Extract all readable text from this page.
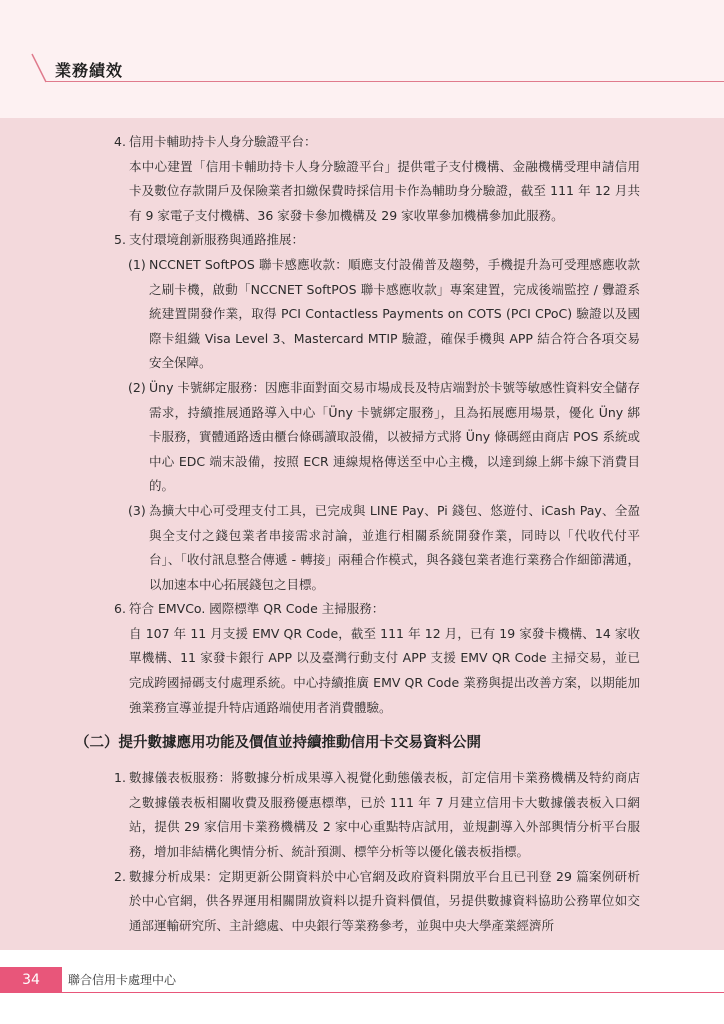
業務績效
4. 信用卡輔助持卡人身分驗證平台：
本中心建置「信用卡輔助持卡人身分驗證平台」提供電子支付機構、金融機構受理申請信用卡及數位存款開戶及保險業者扣繳保費時採信用卡作為輔助身分驗證，截至 111 年 12 月共有 9 家電子支付機構、36 家發卡參加機構及 29 家收單參加機構參加此服務。
5. 支付環境創新服務與通路推展：
(1) NCCNET SoftPOS 聯卡感應收款：順應支付設備普及趨勢，手機提升為可受理感應收款之刷卡機，啟動「NCCNET SoftPOS 聯卡感應收款」專案建置，完成後端監控 / 釁證系統建置開發作業，取得 PCI Contactless Payments on COTS (PCI CPoC) 驗證以及國際卡組織 Visa Level 3、Mastercard MTIP 驗證，確保手機與 APP 結合符合各項交易安全保障。
(2) Üny 卡號綁定服務：因應非面對面交易市場成長及特店端對於卡號等敏感性資料安全儲存需求，持續推展通路導入中心「Üny 卡號綁定服務」，且為拓展應用場景，優化 Üny 綁卡服務，實體通路透由櫃台條碼讀取設備，以被掃方式將 Üny 條碼經由商店 POS 系統或中心 EDC 端末設備，按照 ECR 連線規格傳送至中心主機，以達到線上綁卡線下消費目的。
(3) 為擴大中心可受理支付工具，已完成與 LINE Pay、Pi 錢包、悠遊付、iCash Pay、全盈與全支付之錢包業者串接需求討論，並進行相關系統開發作業，同時以「代收代付平台」、「收付訊息整合傳遞 - 轉接」兩種合作模式，與各錢包業者進行業務合作細節溝通，以加速本中心拓展錢包之目標。
6. 符合 EMVCo. 國際標準 QR Code 主掃服務：
自 107 年 11 月支援 EMV QR Code，截至 111 年 12 月，已有 19 家發卡機構、14 家收單機構、11 家發卡銀行 APP 以及臺灣行動支付 APP 支援 EMV QR Code 主掃交易，並已完成跨國掃碼支付處理系統。中心持續推廣 EMV QR Code 業務與提出改善方案，以期能加強業務宣導並提升特店通路端使用者消費體驗。
（二）提升數據應用功能及價值並持續推動信用卡交易資料公開
1. 數據儀表板服務：將數據分析成果導入視覺化動態儀表板，訂定信用卡業務機構及特約商店之數據儀表板相關收費及服務優惠標準，已於 111 年 7 月建立信用卡大數據儀表板入口網站，提供 29 家信用卡業務機構及 2 家中心重點特店試用，並規劃導入外部輿情分析平台服務，增加非結構化輿情分析、統計預測、標竿分析等以優化儀表板指標。
2. 數據分析成果：定期更新公開資料於中心官網及政府資料開放平台且已刊登 29 篇案例研析於中心官網，供各界運用相關開放資料以提升資料價值，另提供數據資料協助公務單位如交通部運輸研究所、主計總處、中央銀行等業務參考，並與中央大學產業經濟所
34	聯合信用卡處理中心
